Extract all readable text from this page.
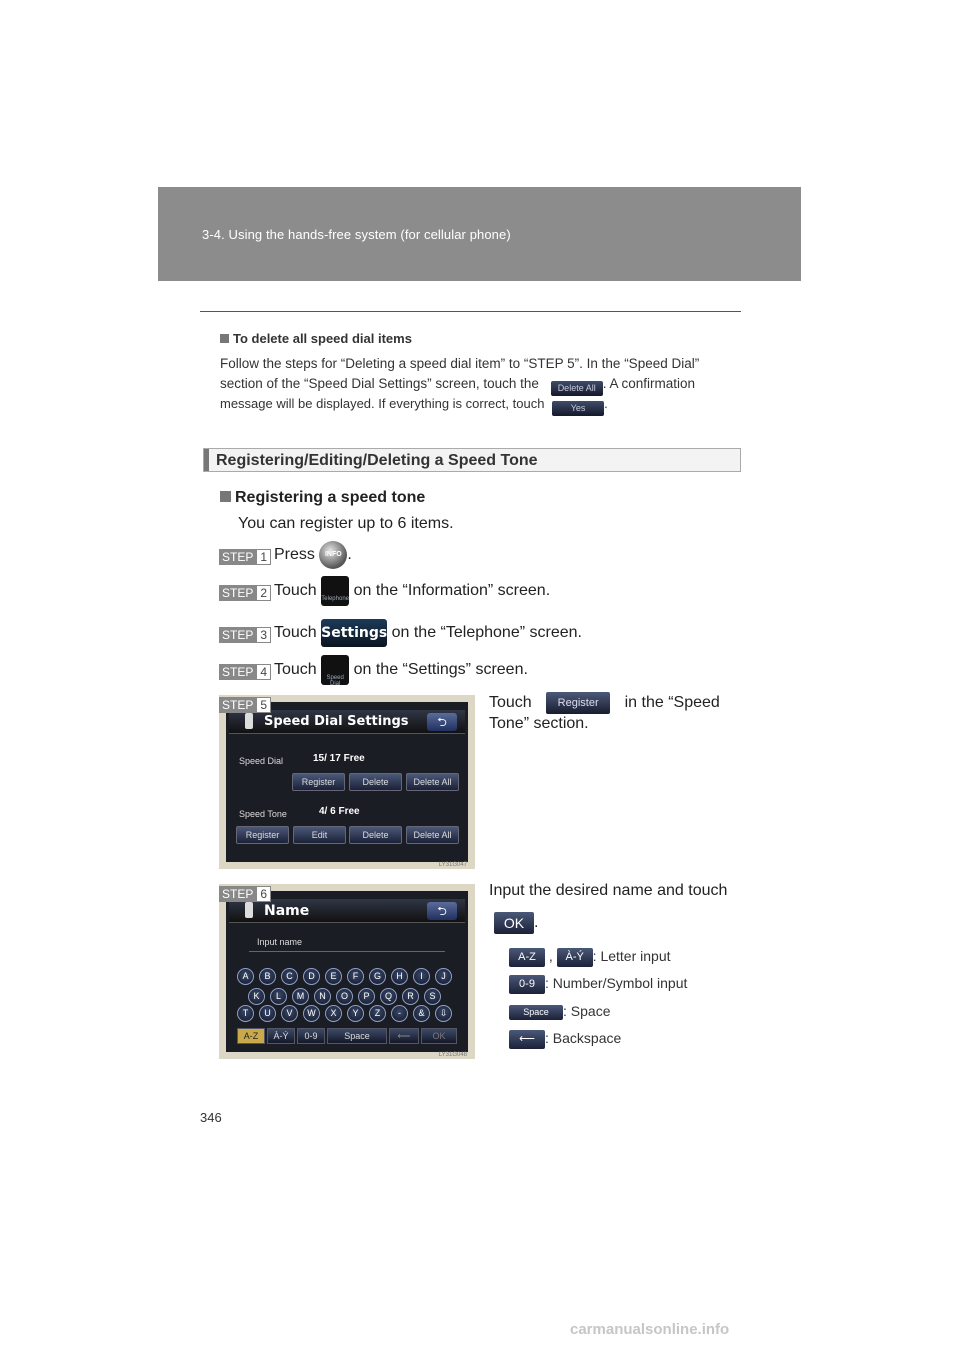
3-4. Using the hands-free system (for cellular phone)
To delete all speed dial items
Follow the steps for “Deleting a speed dial item” to “STEP 5”. In the “Speed Dial”
section of the “Speed Dial Settings” screen, touch the Delete All . A confirmation
message will be displayed. If everything is correct, touch	Yes .
Registering/Editing/Deleting a Speed Tone
Registering a speed tone
You can register up to 6 items.
STEP 1 Press INFO .
STEP 2 Touch Telephone on the “Information” screen.
STEP 3 Touch Settings on the “Telephone” screen.
STEP 4 Touch Speed Dial on the “Settings” screen.
STEP 5
Speed Dial Settings	⮌
Speed Dial	15/ 17 Free
Register	Delete	Delete All
Speed Tone	4/ 6 Free
Register	Edit	Delete	Delete All
LY31G047
Touch Register in the “Speed
Tone” section.
STEP 6
Name	⮌
Input name
A	B	C	D	E	F	G	H	I	J
K	L	M	N	O	P	Q	R	S
T	U	V	W	X	Y	Z	-	&	⇩
A-Z	À-Ý	0-9	Space	⟵	OK
LY31G048
Input the desired name and touch
OK .
A-Z , À-Ý : Letter input
0-9 : Number/Symbol input
Space : Space
⟵ : Backspace
346
carmanualsonline.info
